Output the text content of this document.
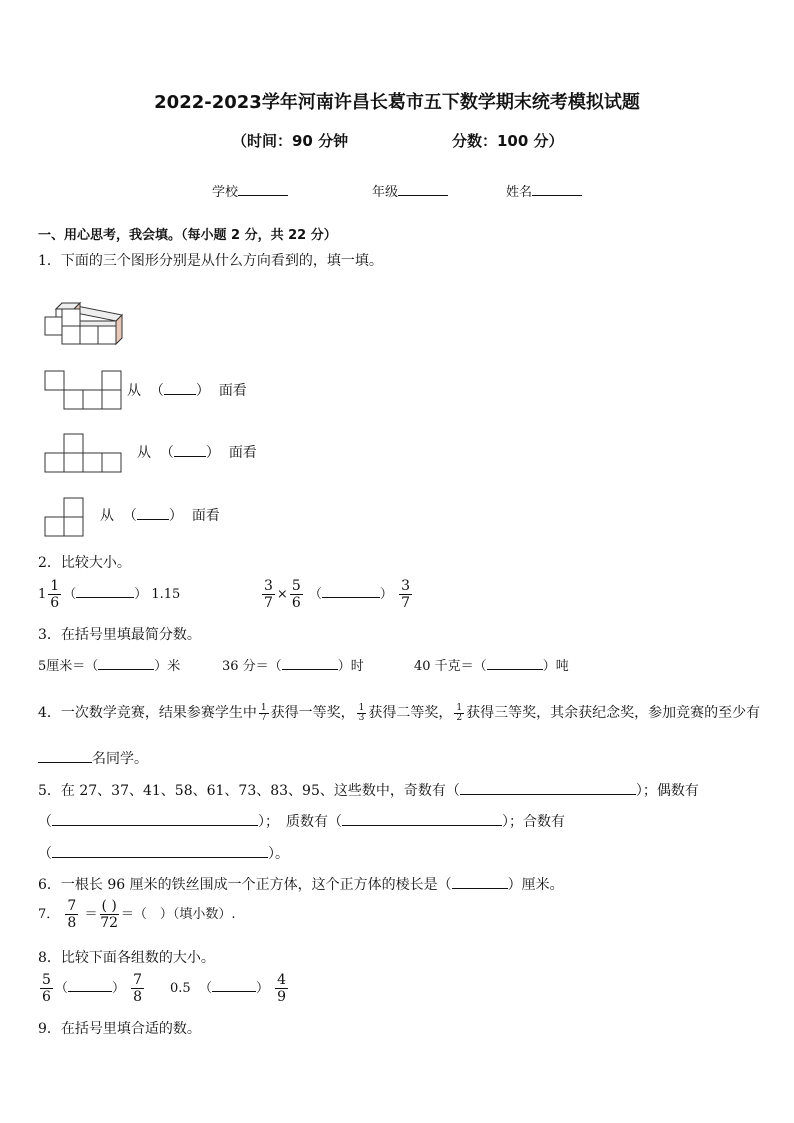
2022-2023学年河南许昌长葛市五下数学期末统考模拟试题
（时间：90 分钟	分数：100 分）
学校	年级	姓名
一、用心思考，我会填。（每小题 2 分，共 22 分）
1．下面的三个图形分别是从什么方向看到的，填一填。
从 （ ） 面看
从 （ ） 面看
从 （ ） 面看
2．比较大小。
$1 \frac{1}{6}$ （	） 1.15	$\frac{3}{7} \times \frac{5}{6}$ （	） $\frac{3}{7}$
3．在括号里填最简分数。
5厘米＝（	）米	36 分＝（	）时	40 千克＝（	）吨
4．一次数学竞赛，结果参赛学生中 $\frac{1}{7}$ 获得一等奖， $\frac{1}{3}$ 获得二等奖， $\frac{1}{2}$ 获得三等奖，其余获纪念奖，参加竞赛的至少有
名同学。
5．在 27、37、41、58、61、73、83、95、这些数中，奇数有（	）；偶数有
（	）；　质数有（	）；合数有
（	）。
6．一根长 96 厘米的铁丝围成一个正方体，这个正方体的棱长是（	）厘米。
7． $\frac{7}{8} = \frac{( )}{72}$ ＝（　）（填小数）.
8．比较下面各组数的大小。
$\frac{5}{6}$ （	） $\frac{7}{8} 0.5$ （	） $\frac{4}{9}$
9．在括号里填合适的数。
